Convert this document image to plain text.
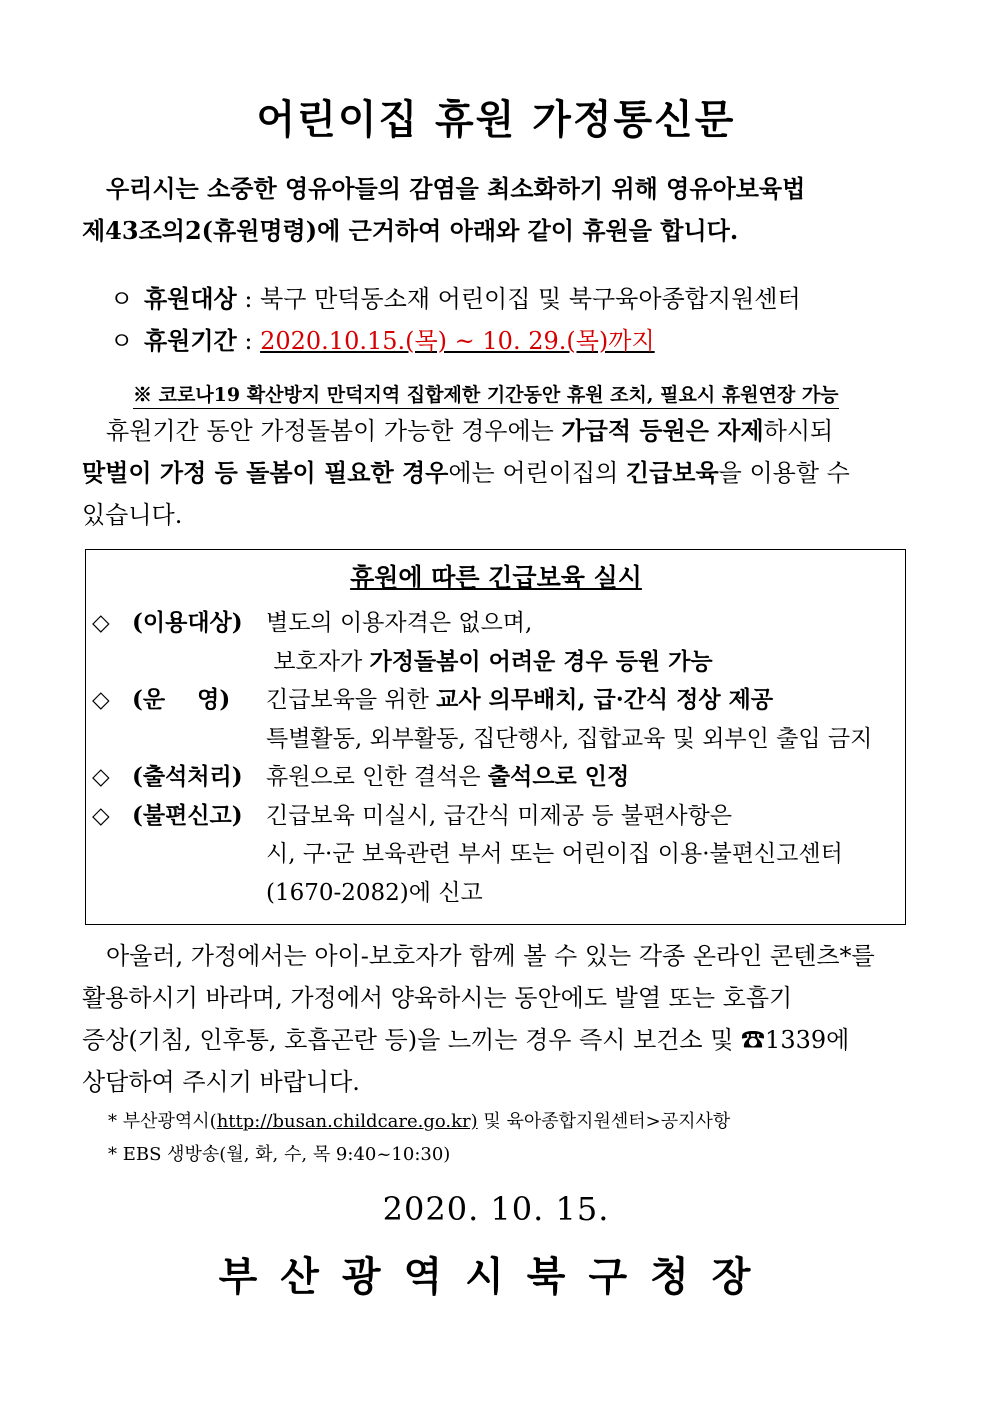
어린이집 휴원 가정통신문
우리시는 소중한 영유아들의 감염을 최소화하기 위해 영유아보육법
제43조의2(휴원명령)에 근거하여 아래와 같이 휴원을 합니다.
ㅇ 휴원대상 : 북구 만덕동소재 어린이집 및 북구육아종합지원센터
ㅇ 휴원기간 : 2020.10.15.(목) ~ 10. 29.(목)까지
※ 코로나19 확산방지 만덕지역 집합제한 기간동안 휴원 조치, 필요시 휴원연장 가능
휴원기간 동안 가정돌봄이 가능한 경우에는 가급적 등원은 자제하시되
맞벌이 가정 등 돌봄이 필요한 경우에는 어린이집의 긴급보육을 이용할 수
있습니다.
휴원에 따른 긴급보육 실시
◇ (이용대상) 별도의 이용자격은 없으며,
보호자가 가정돌봄이 어려운 경우 등원 가능
◇ (운    영) 긴급보육을 위한 교사 의무배치, 급·간식 정상 제공
특별활동, 외부활동, 집단행사, 집합교육 및 외부인 출입 금지
◇ (출석처리) 휴원으로 인한 결석은 출석으로 인정
◇ (불편신고) 긴급보육 미실시, 급간식 미제공 등 불편사항은
시, 구·군 보육관련 부서 또는 어린이집 이용·불편신고센터
(1670-2082)에 신고
아울러, 가정에서는 아이-보호자가 함께 볼 수 있는 각종 온라인 콘텐츠*를
활용하시기 바라며, 가정에서 양육하시는 동안에도 발열 또는 호흡기
증상(기침, 인후통, 호흡곤란 등)을 느끼는 경우 즉시 보건소 및 ☎1339에
상담하여 주시기 바랍니다.
* 부산광역시(http://busan.childcare.go.kr) 및 육아종합지원센터>공지사항
* EBS 생방송(월, 화, 수, 목 9:40~10:30)
2020. 10. 15.
부산광역시북구청장
